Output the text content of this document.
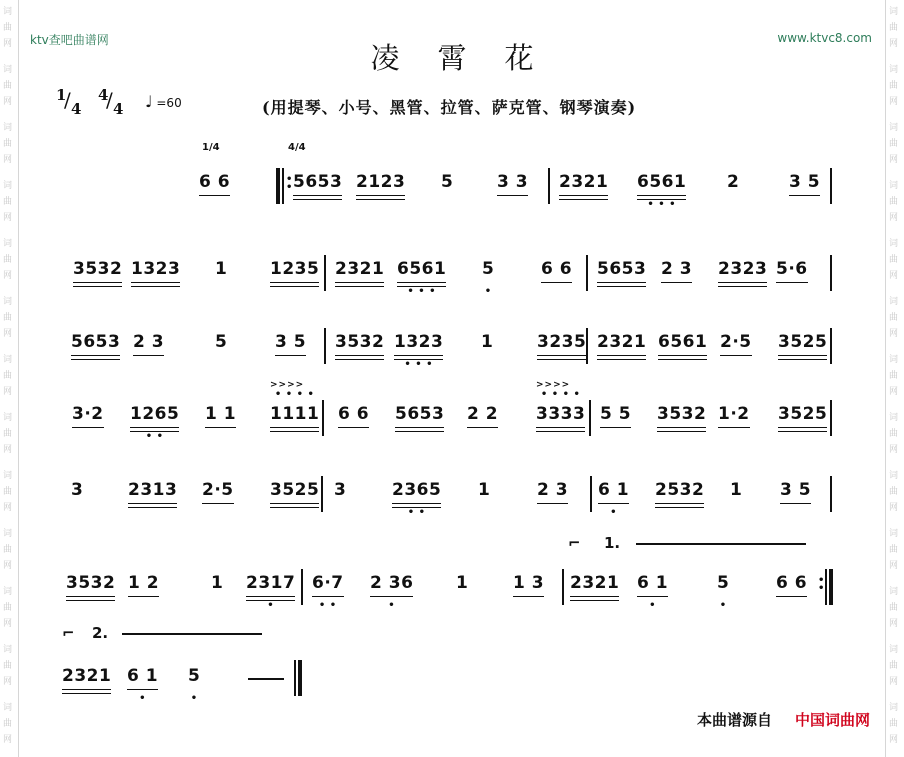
词
曲
网
词
曲
网
词
曲
网
词
曲
网
词
曲
网
词
曲
网
词
曲
网
词
曲
网
词
曲
网
词
曲
网
词
曲
网
词
曲
网
词
曲
网
词
曲
网
词
曲
网
词
曲
网
词
曲
网
词
曲
网
词
曲
网
词
曲
网
词
曲
网
词
曲
网
词
曲
网
词
曲
网
词
曲
网
词
曲
网
ktv查吧曲谱网	www.ktvc8.com
凌霄花
1
/ 4
4
/ 4 ♩ =60	(用提琴、小号、黑管、拉管、萨克管、钢琴演奏)
1/4	4/4
6 6	5653 2123 5	3 3 2321 6561
• • •
2	3 5
3532 1323 1	1235 2321 6561
• • •
5
•
6 6 5653 2 3 2323 5·6
5653 2 3	5	3 5 3532 1323
• • •
1	3235 2321 6561 2·5 3525
3·2 1265
• •
1 1 1111
>>>>
• • • •
6 6 5653 2 2 3333
>>>>
• • • •
5 5 3532 1·2 3525
3	2313 2·5 3525 3	2365
• •
1	2 3 6 1
•
2532 1 3 5
3532 1 2	1 2317
•
6·7
• •
2 36
•
1	1 3 2321 6 1
•
5
•
6 6
2321 6 1
•
5
•
•
•
•
•
⌐ 1.
⌐ 2.
本曲谱源自 中国词曲网
